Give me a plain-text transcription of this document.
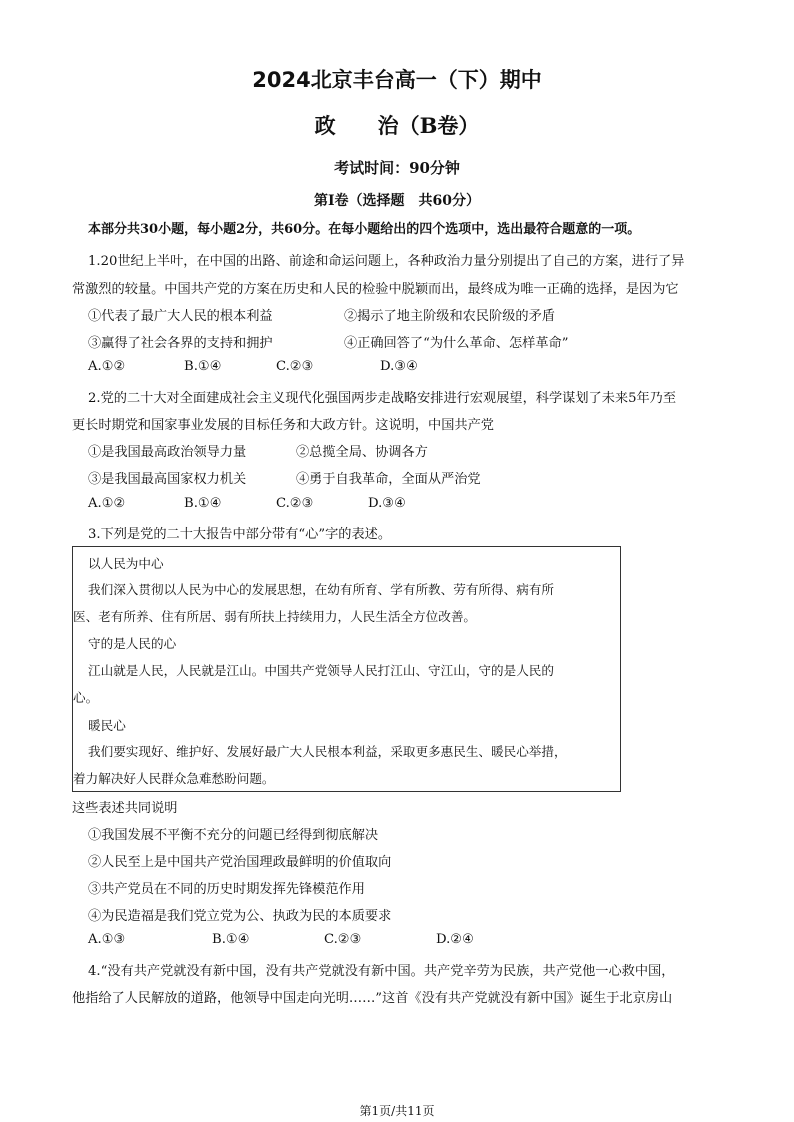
2024北京丰台高一（下）期中
政　　治（B卷）
考试时间：90分钟
第Ⅰ卷（选择题　共60分）
本部分共30小题，每小题2分，共60分。在每小题给出的四个选项中，选出最符合题意的一项。
1.20世纪上半叶，在中国的出路、前途和命运问题上，各种政治力量分别提出了自己的方案，进行了异
常激烈的较量。中国共产党的方案在历史和人民的检验中脱颖而出，最终成为唯一正确的选择，是因为它
①代表了最广大人民的根本利益	②揭示了地主阶级和农民阶级的矛盾
③赢得了社会各界的支持和拥护	④正确回答了“为什么革命、怎样革命”
A.①②	B.①④	C.②③	D.③④
2.党的二十大对全面建成社会主义现代化强国两步走战略安排进行宏观展望，科学谋划了未来5年乃至
更长时期党和国家事业发展的目标任务和大政方针。这说明，中国共产党
①是我国最高政治领导力量	②总揽全局、协调各方
③是我国最高国家权力机关	④勇于自我革命，全面从严治党
A.①②	B.①④	C.②③	D.③④
3.下列是党的二十大报告中部分带有“心”字的表述。
以人民为中心
我们深入贯彻以人民为中心的发展思想，在幼有所育、学有所教、劳有所得、病有所
医、老有所养、住有所居、弱有所扶上持续用力，人民生活全方位改善。
守的是人民的心
江山就是人民，人民就是江山。中国共产党领导人民打江山、守江山，守的是人民的
心。
暖民心
我们要实现好、维护好、发展好最广大人民根本利益，采取更多惠民生、暖民心举措，
着力解决好人民群众急难愁盼问题。
这些表述共同说明
①我国发展不平衡不充分的问题已经得到彻底解决
②人民至上是中国共产党治国理政最鲜明的价值取向
③共产党员在不同的历史时期发挥先锋模范作用
④为民造福是我们党立党为公、执政为民的本质要求
A.①③	B.①④	C.②③	D.②④
4.“没有共产党就没有新中国，没有共产党就没有新中国。共产党辛劳为民族，共产党他一心救中国，
他指给了人民解放的道路，他领导中国走向光明……”这首《没有共产党就没有新中国》诞生于北京房山
第1页/共11页
